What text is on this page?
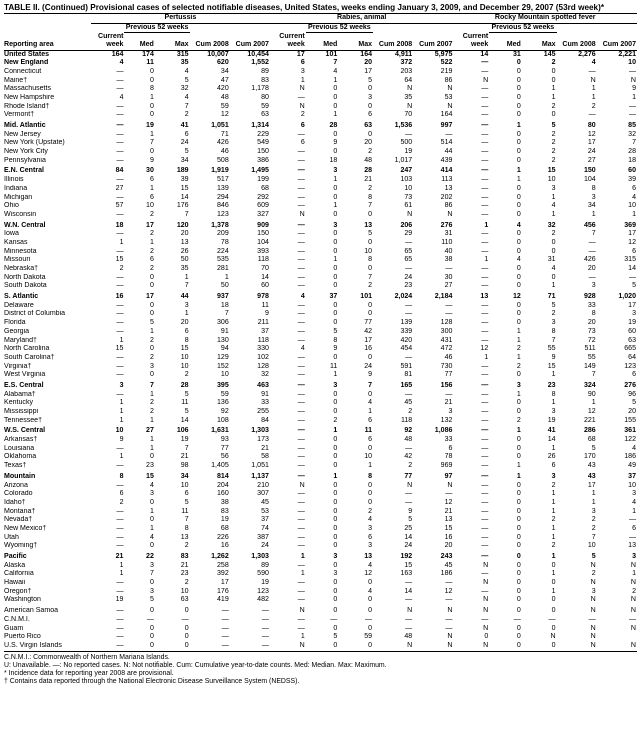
TABLE II. (Continued) Provisional cases of selected notifiable diseases, United States, weeks ending January 3, 2009, and December 29, 2007 (53rd week)*
	Pertussis					Rabies, animal					Rocky Mountain spotted fever				
		Previous 52 weeks					Previous 52 weeks					Previous 52 weeks			
Reporting area	Current week	Med	Max	Cum 2008	Cum 2007	Current week	Med	Max	Cum 2008	Cum 2007	Current week	Med	Max	Cum 2008	Cum 2007
United States	164	174	315	10,007	10,454	17	101	164	4,911	5,975	14	31	145	2,276	2,221
New England	4	11	35	620	1,552	6	7	20	372	522	—	0	2	4	10
Connecticut	—	0	4	34	89	3	4	17	203	219	—	0	0	—	—
Maine†	—	0	5	47	83	1	1	5	64	86	N	0	0	N	N
Massachusetts	—	8	32	420	1,178	N	0	0	N	N	—	0	1	1	9
New Hampshire	4	1	4	48	80	—	0	3	35	53	—	0	1	1	1
Rhode Island†	—	0	7	59	59	N	0	0	N	N	—	0	2	2	—
Vermont†	—	0	2	12	63	2	1	6	70	164	—	0	0	—	—
Mid. Atlantic	—	19	41	1,051	1,314	6	28	63	1,536	997	—	1	5	80	85
New Jersey	—	1	6	71	229	—	0	0	—	—	—	0	2	12	32
New York (Upstate)	—	7	24	426	549	6	9	20	500	514	—	0	2	17	7
New York City	—	0	5	46	150	—	0	2	19	44	—	0	2	24	28
Pennsylvania	—	9	34	508	386	—	18	48	1,017	439	—	0	2	27	18
E.N. Central	84	30	189	1,919	1,495	—	3	28	247	414	—	1	15	150	60
Illinois	—	6	39	517	199	—	1	21	103	113	—	1	10	104	39
Indiana	27	1	15	139	68	—	0	2	10	13	—	0	3	8	6
Michigan	—	6	14	294	292	—	0	8	73	202	—	0	1	3	4
Ohio	57	10	176	846	609	—	1	7	61	86	—	0	4	34	10
Wisconsin	—	2	7	123	327	N	0	0	N	N	—	0	1	1	1
W.N. Central	18	17	120	1,378	909	—	3	13	206	276	1	4	32	456	369
Iowa	—	2	20	209	150	—	0	5	29	31	—	0	2	7	17
Kansas	1	1	13	78	104	—	0	0	—	110	—	0	0	—	12
Minnesota	—	2	26	224	393	—	0	10	65	40	—	0	0	—	6
Missouri	15	6	50	535	118	—	1	8	65	38	1	4	31	426	315
Nebraska†	2	2	35	281	70	—	0	0	—	—	—	0	4	20	14
North Dakota	—	0	1	1	14	—	0	7	24	30	—	0	0	—	—
South Dakota	—	0	7	50	60	—	0	2	23	27	—	0	1	3	5
S. Atlantic	16	17	44	937	978	4	37	101	2,024	2,184	13	12	71	928	1,020
Delaware	—	0	3	18	11	—	0	0	—	—	—	0	5	33	17
District of Columbia	—	0	1	7	9	—	0	0	—	—	—	0	2	8	3
Florida	—	5	20	306	211	—	0	77	139	128	—	0	3	20	19
Georgia	—	1	6	91	37	—	5	42	339	300	—	1	8	73	60
Maryland†	1	2	8	130	118	—	8	17	420	431	—	1	7	72	63
North Carolina	15	0	15	94	330	4	9	16	454	472	12	2	55	511	665
South Carolina†	—	2	10	129	102	—	0	0	—	46	1	1	9	55	64
Virginia†	—	3	10	152	128	—	11	24	591	730	—	2	15	149	123
West Virginia	—	0	2	10	32	—	1	9	81	77	—	0	1	7	6
E.S. Central	3	7	28	395	463	—	3	7	165	156	—	3	23	324	276
Alabama†	—	1	5	59	91	—	0	0	—	—	—	1	8	90	96
Kentucky	1	2	11	136	33	—	0	4	45	21	—	0	1	1	5
Mississippi	1	2	5	92	255	—	0	1	2	3	—	0	3	12	20
Tennessee†	1	1	14	108	84	—	2	6	118	132	—	2	19	221	155
W.S. Central	10	27	106	1,631	1,303	—	1	11	92	1,086	—	1	41	286	361
Arkansas†	9	1	19	93	173	—	0	6	48	33	—	0	14	68	122
Louisiana	—	1	7	77	21	—	0	0	—	6	—	0	1	5	4
Oklahoma	1	0	21	56	58	—	0	10	42	78	—	0	26	170	186
Texas†	—	23	98	1,405	1,051	—	0	1	2	969	—	1	6	43	49
Mountain	8	15	34	814	1,137	—	1	8	77	97	—	1	3	43	37
Arizona	—	4	10	204	210	N	0	0	N	N	—	0	2	17	10
Colorado	6	3	6	160	307	—	0	0	—	—	—	0	1	1	3
Idaho†	2	0	5	38	45	—	0	0	—	12	—	0	1	1	4
Montana†	—	1	11	83	53	—	0	2	9	21	—	0	1	3	1
Nevada†	—	0	7	19	37	—	0	4	5	13	—	0	2	2	—
New Mexico†	—	1	8	68	74	—	0	3	25	15	—	0	1	2	6
Utah	—	4	13	226	387	—	0	6	14	16	—	0	1	7	—
Wyoming†	—	0	2	16	24	—	0	3	24	20	—	0	2	10	13
Pacific	21	22	83	1,262	1,303	1	3	13	192	243	—	0	1	5	3
Alaska	1	3	21	258	89	—	0	4	15	45	N	0	0	N	N
California	1	7	23	392	590	1	3	12	163	186	—	0	1	2	1
Hawaii	—	0	2	17	19	—	0	0	—	—	N	0	0	N	N
Oregon†	—	3	10	176	123	—	0	4	14	12	—	0	1	3	2
Washington	19	5	63	419	482	—	0	0	—	—	N	0	0	N	N
American Samoa	—	0	0	—	—	N	0	0	N	N	N	0	0	N	N
C.N.M.I.	—	—	—	—	—	—	—	—	—	—	—	—	—	—	—
Guam	—	0	0	—	—	—	0	0	—	—	N	0	0	N	N
Puerto Rico	—	0	0	—	—	1	5	59	48	N	0	0	N	N	
U.S. Virgin Islands	—	0	0	—	—	N	0	0	N	N	N	0	0	N	N
C.N.M.I.: Commonwealth of Northern Mariana Islands.
U: Unavailable. —: No reported cases. N: Not notifiable. Cum: Cumulative year-to-date counts. Med: Median. Max: Maximum.
* Incidence data for reporting year 2008 are provisional.
† Contains data reported through the National Electronic Disease Surveillance System (NEDSS).
